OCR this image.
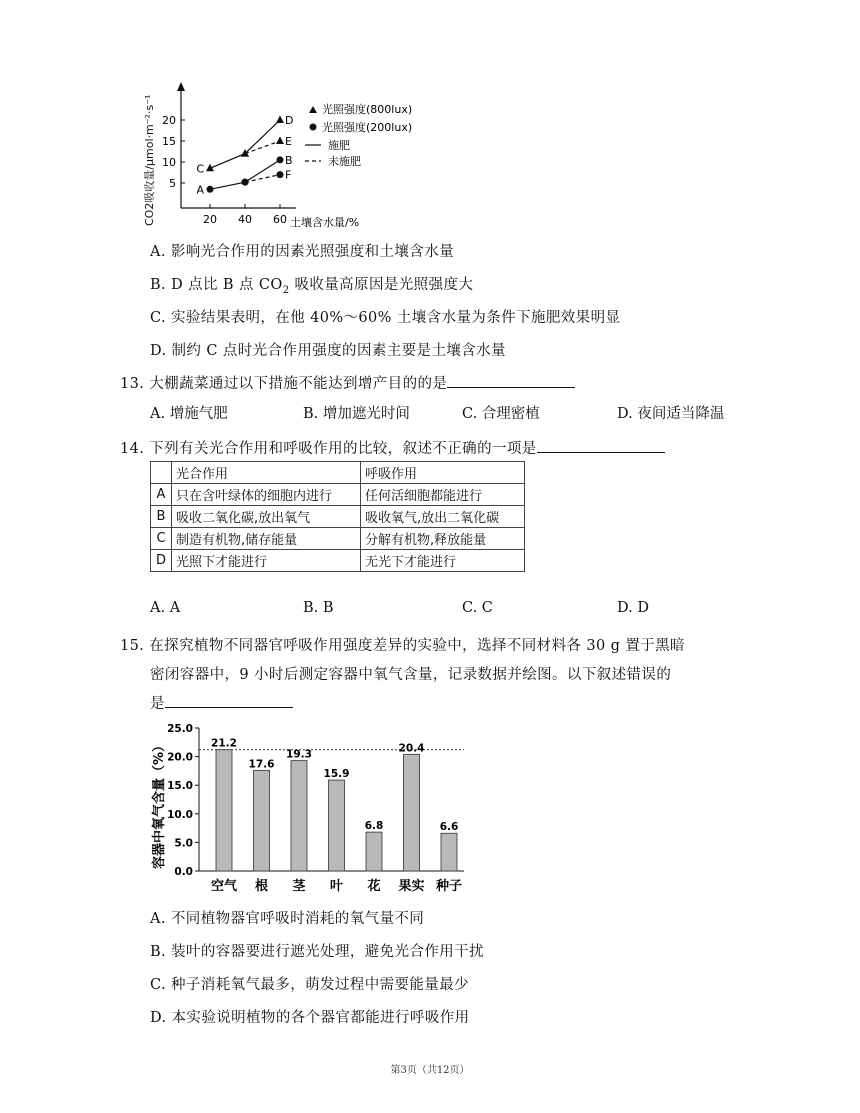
CO2吸收量/μmol·m⁻²·s⁻¹ 5
10
15
20
20 40 60 土壤含水量/%
C
D
E
A
B
F
光照强度(800lux)
光照强度(200lux)
施肥
未施肥
A. 影响光合作用的因素光照强度和土壤含水量
B. D 点比 B 点 $CO_2$ 吸收量高原因是光照强度大
C. 实验结果表明，在他 40%～60% 土壤含水量为条件下施肥效果明显
D. 制约 C 点时光合作用强度的因素主要是土壤含水量
13. 大棚蔬菜通过以下措施不能达到增产目的的是
A. 增施气肥	B. 增加遮光时间	C. 合理密植	D. 夜间适当降温
14. 下列有关光合作用和呼吸作用的比较，叙述不正确的一项是
	光合作用	呼吸作用
A	只在含叶绿体的细胞内进行	任何活细胞都能进行
B	吸收二氧化碳,放出氧气	吸收氧气,放出二氧化碳
C	制造有机物,储存能量	分解有机物,释放能量
D	光照下才能进行	无光下才能进行
A. A	B. B	C. C	D. D
15. 在探究植物不同器官呼吸作用强度差异的实验中，选择不同材料各 30 g 置于黑暗
密闭容器中，9 小时后测定容器中氧气含量，记录数据并绘图。以下叙述错误的
是
容器中氧气含量（%）
0.0
5.0
10.0
15.0
20.0
25.0
21.2
空气
17.6
根
19.3
茎
15.9
叶
6.8
花
20.4
果实
6.6
种子
A. 不同植物器官呼吸时消耗的氧气量不同
B. 装叶的容器要进行遮光处理，避免光合作用干扰
C. 种子消耗氧气最多，萌发过程中需要能量最少
D. 本实验说明植物的各个器官都能进行呼吸作用
第3页（共12页）
